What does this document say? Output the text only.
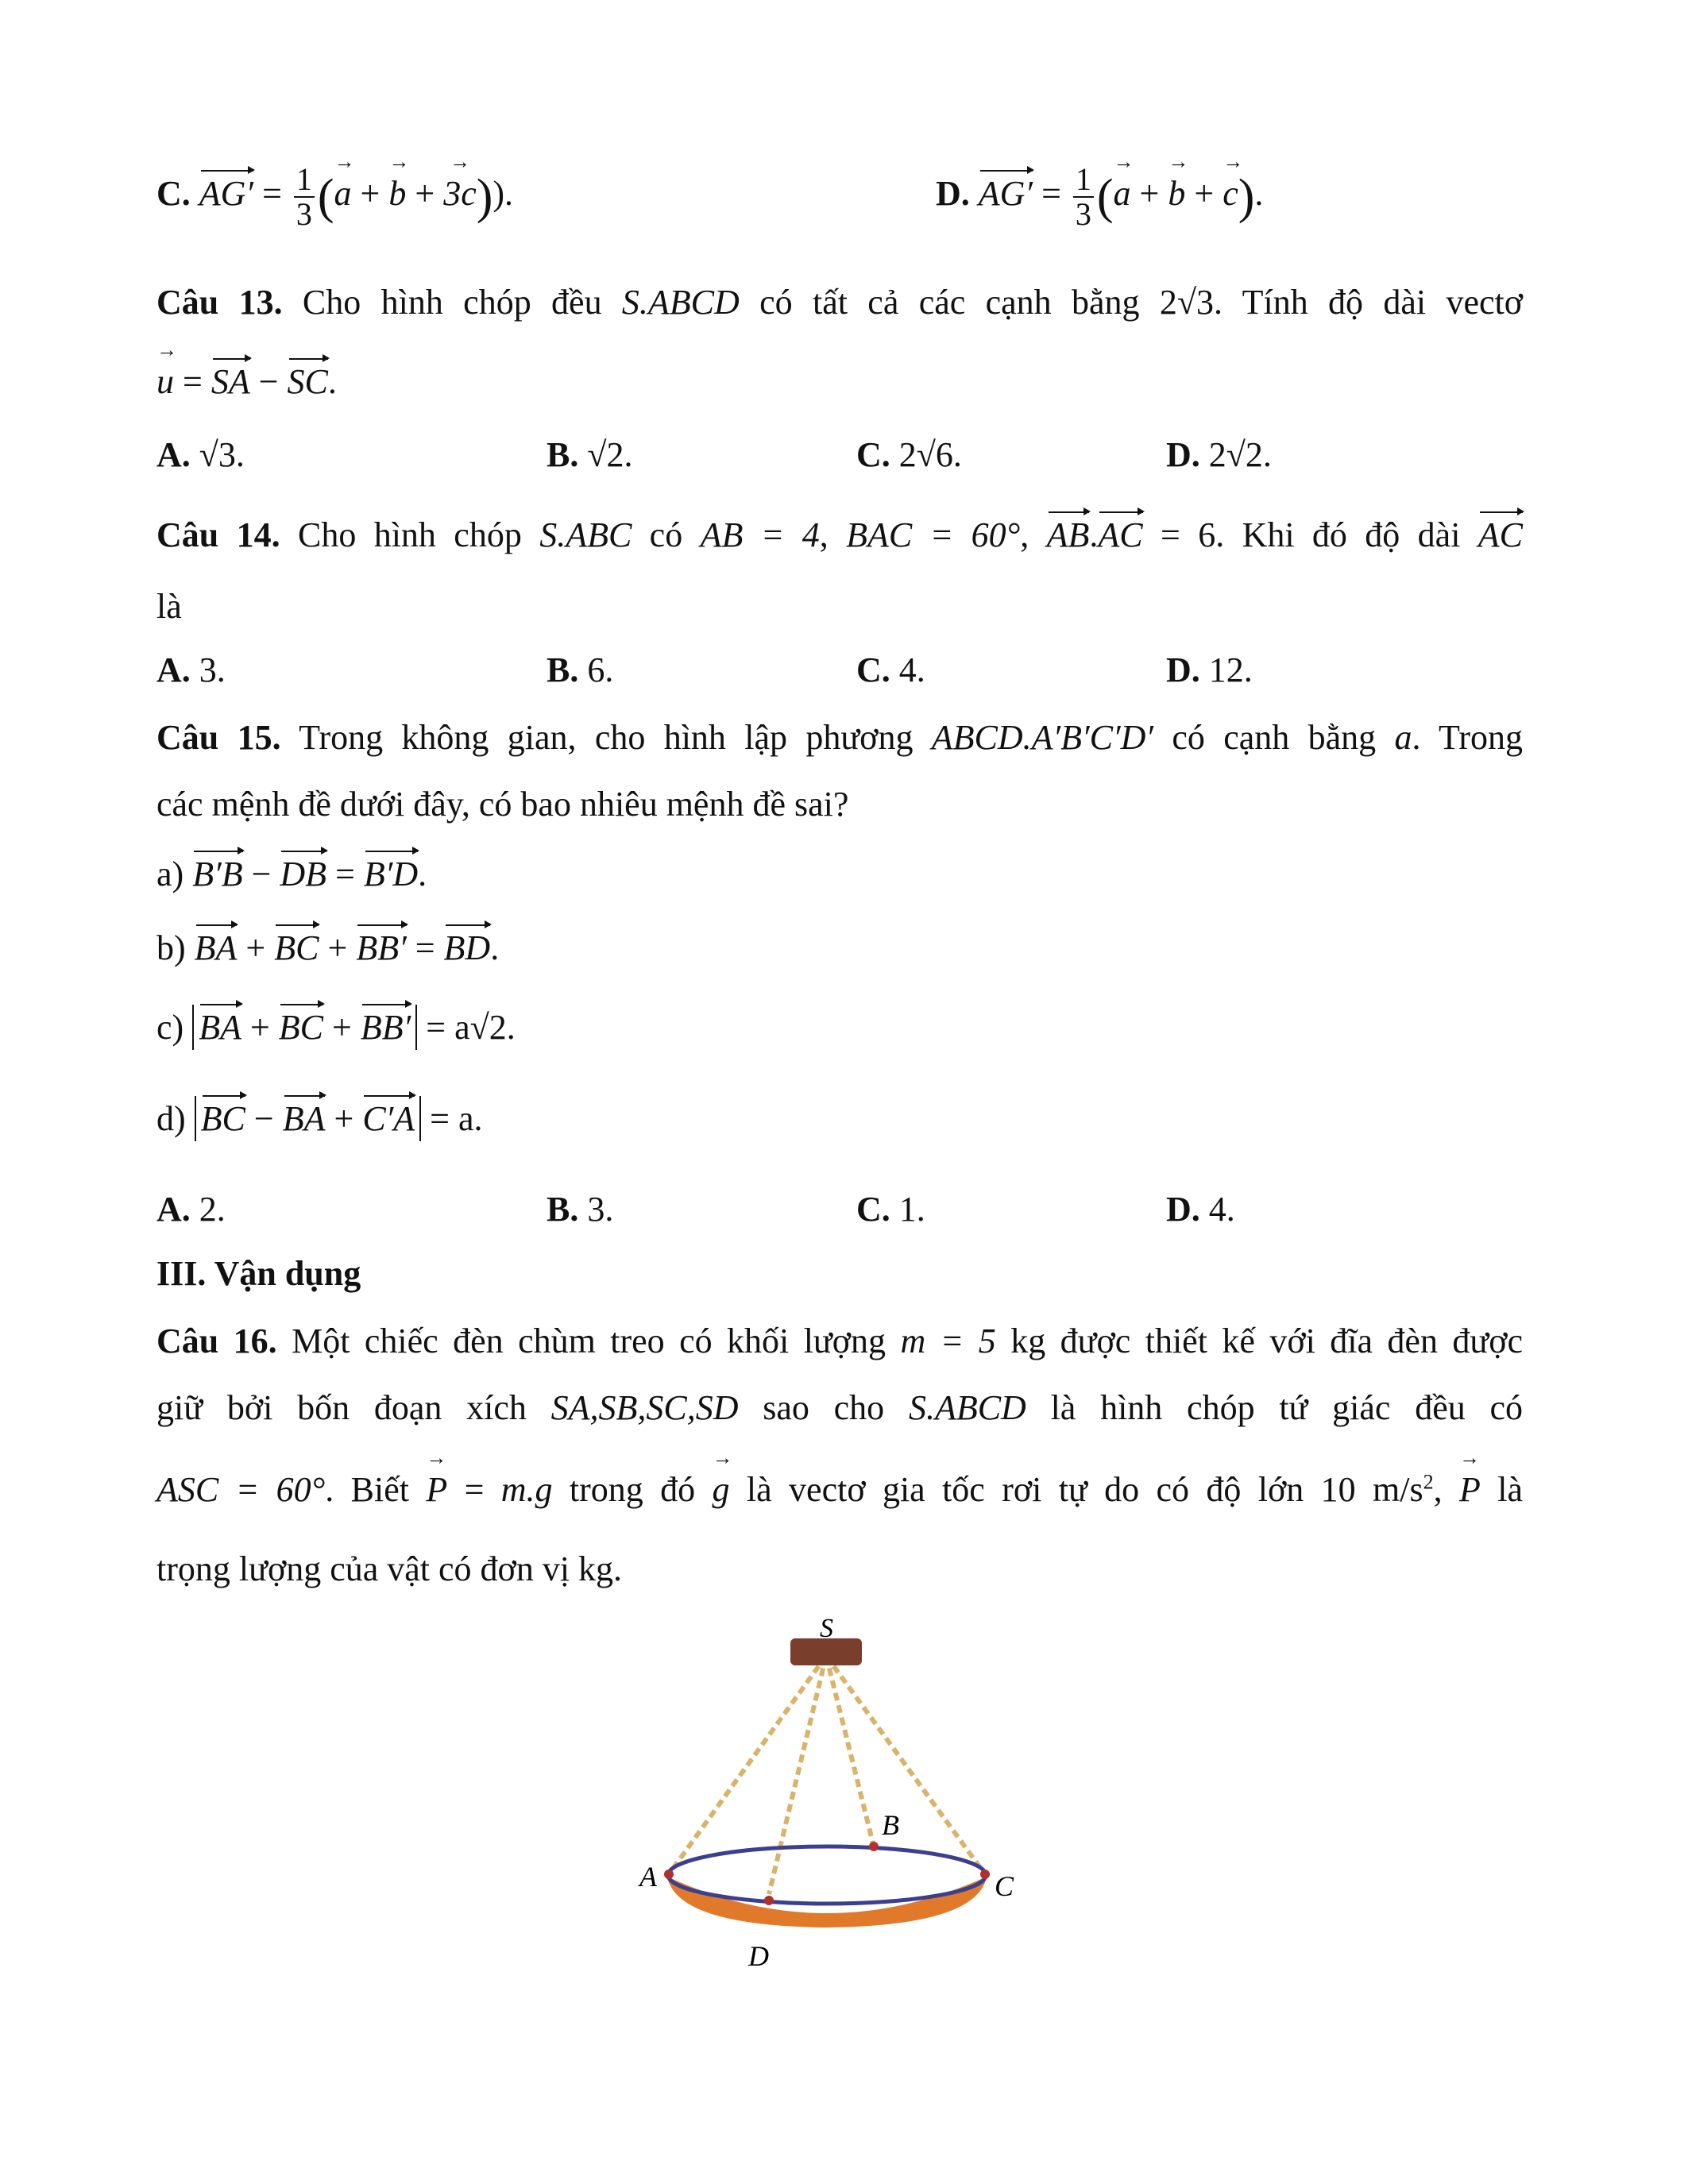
C. $AG' = \frac{1}{3} (a$ → + b → + 3c →)).	D. $AG' = \frac{1}{3} (a$ → + b → + c →).
Câu 13. Cho hình chóp đều S.ABCD có tất cả các cạnh bằng 2√3. Tính độ dài vectơ
u → = SA − SC.
A. √3.	B. √2.	C. 2√6.	D. 2√2.
Câu 14. Cho hình chóp S.ABC có AB = 4, BAC = 60°, AB.AC = 6. Khi đó độ dài AC
là
A. 3.	B. 6.	C. 4.	D. 12.
Câu 15. Trong không gian, cho hình lập phương ABCD.A′B′C′D′ có cạnh bằng a. Trong
các mệnh đề dưới đây, có bao nhiêu mệnh đề sai?
a) B′B − DB = B′D.
b) BA + BC + BB′ = BD.
c) BA + BC + BB′ = a√2.
d) BC − BA + C′A = a.
A. 2.	B. 3.	C. 1.	D. 4.
III. Vận dụng
Câu 16. Một chiếc đèn chùm treo có khối lượng m = 5 kg được thiết kế với đĩa đèn được
giữ bởi bốn đoạn xích SA,SB,SC,SD sao cho S.ABCD là hình chóp tứ giác đều có
ASC = 60°. Biết P → = m.g trong đó g → là vectơ gia tốc rơi tự do có độ lớn 10 $m/s^2$, P → là
trọng lượng của vật có đơn vị kg.
S
A
B
C
D
